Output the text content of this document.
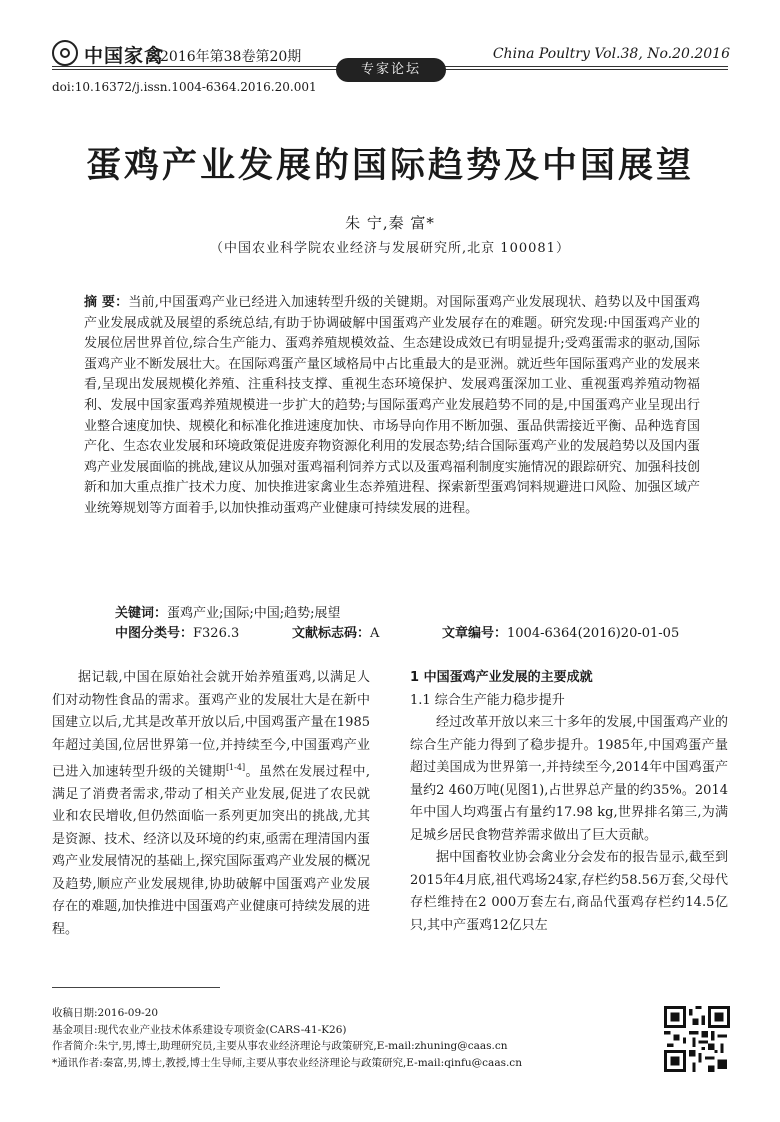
中国家禽
2016年第38卷第20期	China Poultry Vol.38, No.20.2016
专家论坛
doi:10.16372/j.issn.1004-6364.2016.20.001
蛋鸡产业发展的国际趋势及中国展望
朱 宁,秦 富*
（中国农业科学院农业经济与发展研究所,北京 100081）
摘 要：当前,中国蛋鸡产业已经进入加速转型升级的关键期。对国际蛋鸡产业发展现状、趋势以及中国蛋鸡产业发展成就及展望的系统总结,有助于协调破解中国蛋鸡产业发展存在的难题。研究发现:中国蛋鸡产业的发展位居世界首位,综合生产能力、蛋鸡养殖规模效益、生态建设成效已有明显提升;受鸡蛋需求的驱动,国际蛋鸡产业不断发展壮大。在国际鸡蛋产量区域格局中占比重最大的是亚洲。就近些年国际蛋鸡产业的发展来看,呈现出发展规模化养殖、注重科技支撑、重视生态环境保护、发展鸡蛋深加工业、重视蛋鸡养殖动物福利、发展中国家蛋鸡养殖规模进一步扩大的趋势;与国际蛋鸡产业发展趋势不同的是,中国蛋鸡产业呈现出行业整合速度加快、规模化和标准化推进速度加快、市场导向作用不断加强、蛋品供需接近平衡、品种选育国产化、生态农业发展和环境政策促进废弃物资源化利用的发展态势;结合国际蛋鸡产业的发展趋势以及国内蛋鸡产业发展面临的挑战,建议从加强对蛋鸡福利饲养方式以及蛋鸡福利制度实施情况的跟踪研究、加强科技创新和加大重点推广技术力度、加快推进家禽业生态养殖进程、探索新型蛋鸡饲料规避进口风险、加强区域产业统筹规划等方面着手,以加快推动蛋鸡产业健康可持续发展的进程。
关键词：蛋鸡产业;国际;中国;趋势;展望
中图分类号：F326.3	文献标志码：A	文章编号：1004-6364(2016)20-01-05

据记载,中国在原始社会就开始养殖蛋鸡,以满足人们对动物性食品的需求。蛋鸡产业的发展壮大是在新中国建立以后,尤其是改革开放以后,中国鸡蛋产量在1985年超过美国,位居世界第一位,并持续至今,中国蛋鸡产业已进入加速转型升级的关键期[1-4]。虽然在发展过程中,满足了消费者需求,带动了相关产业发展,促进了农民就业和农民增收,但仍然面临一系列更加突出的挑战,尤其是资源、技术、经济以及环境的约束,亟需在理清国内蛋鸡产业发展情况的基础上,探究国际蛋鸡产业发展的概况及趋势,顺应产业发展规律,协助破解中国蛋鸡产业发展存在的难题,加快推进中国蛋鸡产业健康可持续发展的进程。

1 中国蛋鸡产业发展的主要成就
1.1 综合生产能力稳步提升

经过改革开放以来三十多年的发展,中国蛋鸡产业的综合生产能力得到了稳步提升。1985年,中国鸡蛋产量超过美国成为世界第一,并持续至今,2014年中国鸡蛋产量约2 460万吨(见图1),占世界总产量的约35%。2014年中国人均鸡蛋占有量约17.98 kg,世界排名第三,为满足城乡居民食物营养需求做出了巨大贡献。

据中国畜牧业协会禽业分会发布的报告显示,截至到2015年4月底,祖代鸡场24家,存栏约58.56万套,父母代存栏维持在2 000万套左右,商品代蛋鸡存栏约14.5亿只,其中产蛋鸡12亿只左

收稿日期:2016-09-20
基金项目:现代农业产业技术体系建设专项资金(CARS-41-K26)
作者简介:朱宁,男,博士,助理研究员,主要从事农业经济理论与政策研究,E-mail:zhuning@caas.cn
*通讯作者:秦富,男,博士,教授,博士生导师,主要从事农业经济理论与政策研究,E-mail:qinfu@caas.cn
